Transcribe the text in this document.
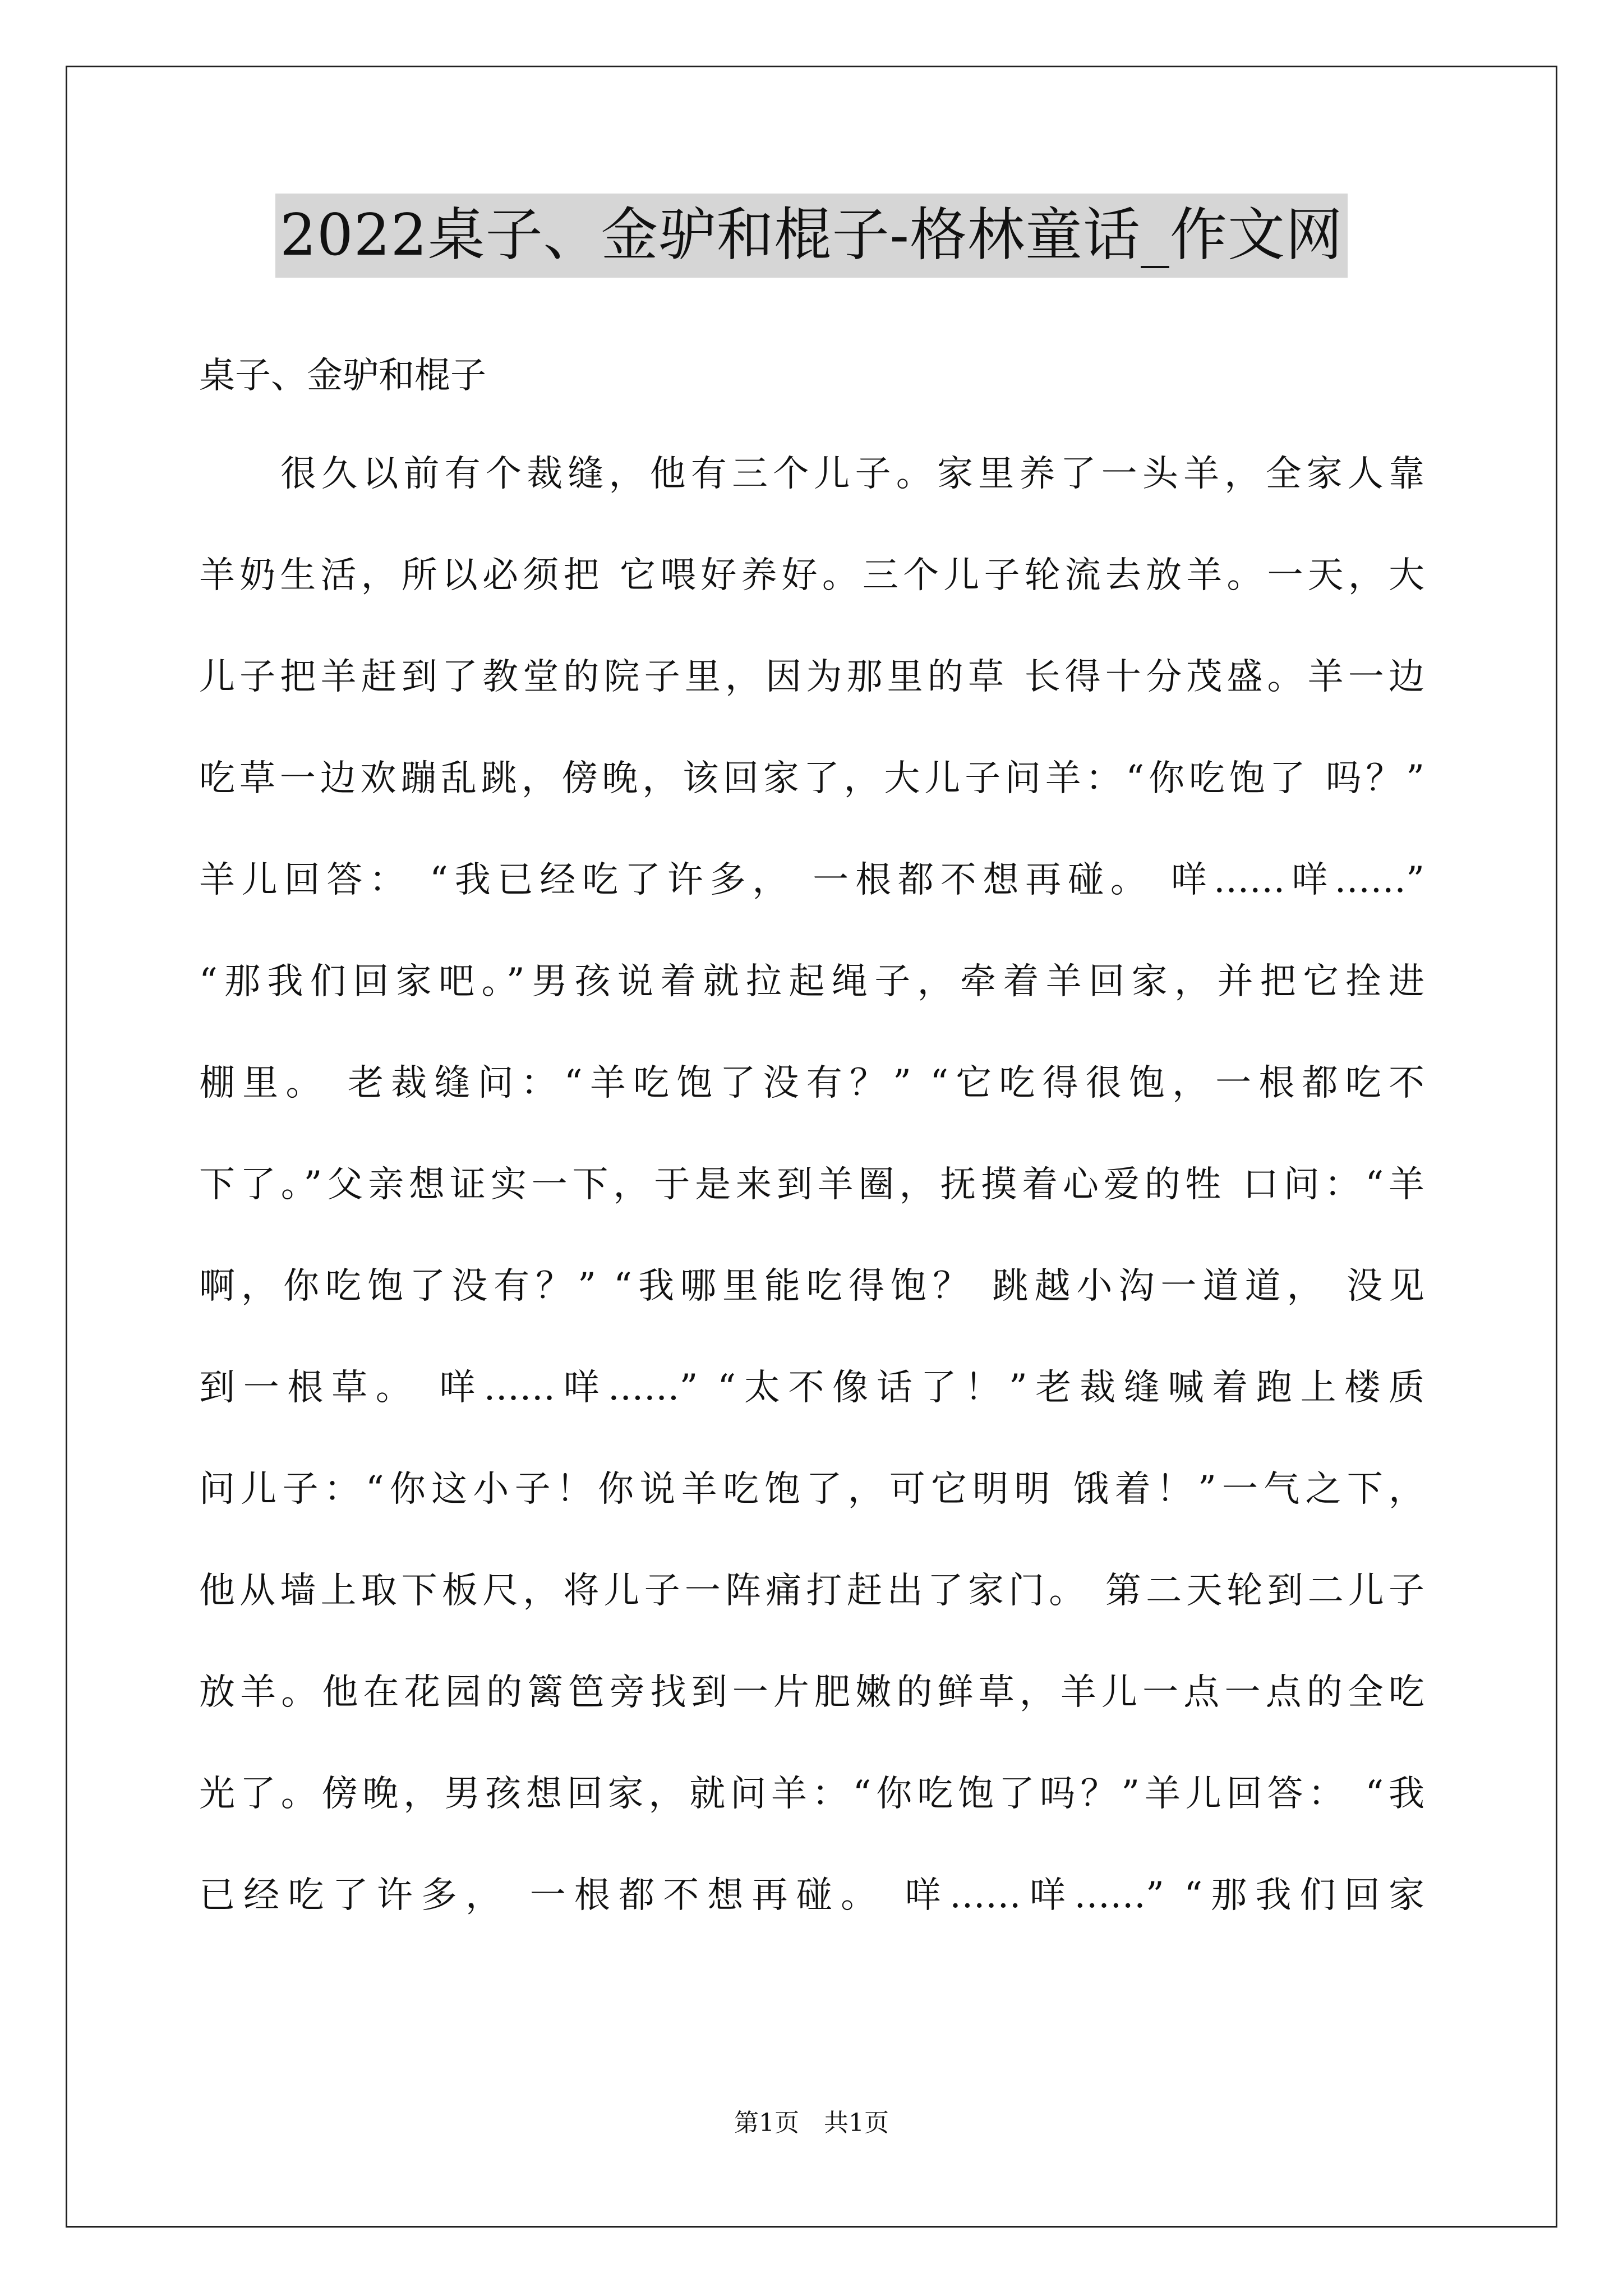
2022桌子、金驴和棍子-格林童话_作文网
桌子、金驴和棍子
很久以前有个裁缝，他有三个儿子。家里养了一头羊，全家人靠
羊奶生活，所以必须把 它喂好养好。三个儿子轮流去放羊。一天，大
儿子把羊赶到了教堂的院子里，因为那里的草 长得十分茂盛。羊一边
吃草一边欢蹦乱跳，傍晚，该回家了，大儿子问羊：“你吃饱了 吗？”
羊儿回答： “我已经吃了许多， 一根都不想再碰。 咩……咩……”
“那我们回家吧。”男孩说着就拉起绳子，牵着羊回家，并把它拴进
棚里。 老裁缝问：“羊吃饱了没有？” “它吃得很饱，一根都吃不
下了。”父亲想证实一下，于是来到羊圈，抚摸着心爱的牲 口问：“羊
啊，你吃饱了没有？” “我哪里能吃得饱？ 跳越小沟一道道， 没见
到一根草。 咩……咩……” “太不像话了！”老裁缝喊着跑上楼质
问儿子：“你这小子！你说羊吃饱了，可它明明 饿着！”一气之下，
他从墙上取下板尺，将儿子一阵痛打赶出了家门。 第二天轮到二儿子
放羊。他在花园的篱笆旁找到一片肥嫩的鲜草，羊儿一点一点的全吃
光了。傍晚，男孩想回家，就问羊：“你吃饱了吗？”羊儿回答： “我
已经吃了许多， 一根都不想再碰。 咩……咩……” “那我们回家
第1页　共1页
